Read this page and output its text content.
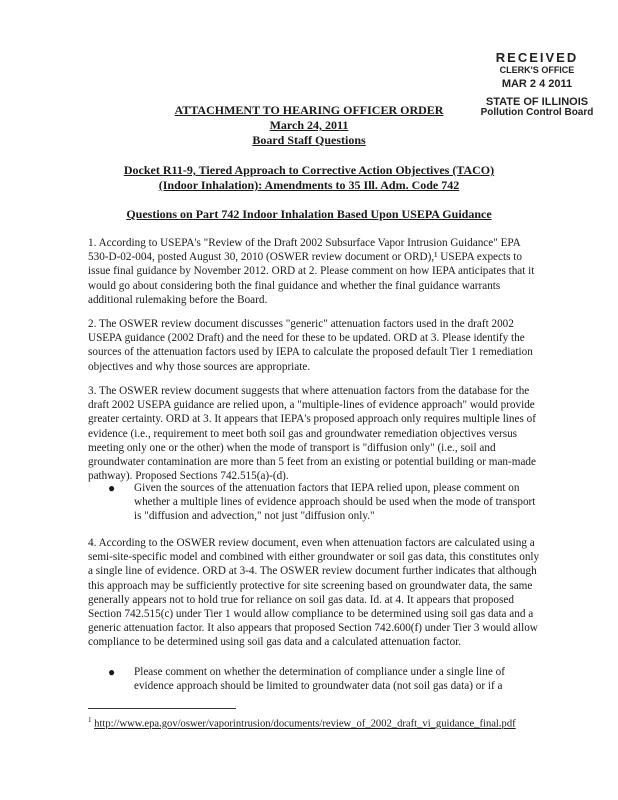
RECEIVED
CLERK'S OFFICE
MAR 2 4 2011
STATE OF ILLINOIS
Pollution Control Board
ATTACHMENT TO HEARING OFFICER ORDER
March 24, 2011
Board Staff Questions
Docket R11-9, Tiered Approach to Corrective Action Objectives (TACO)
(Indoor Inhalation): Amendments to 35 Ill. Adm. Code 742
Questions on Part 742 Indoor Inhalation Based Upon USEPA Guidance
1. According to USEPA's "Review of the Draft 2002 Subsurface Vapor Intrusion Guidance" EPA 530-D-02-004, posted August 30, 2010 (OSWER review document or ORD),¹ USEPA expects to issue final guidance by November 2012. ORD at 2. Please comment on how IEPA anticipates that it would go about considering both the final guidance and whether the final guidance warrants additional rulemaking before the Board.
2. The OSWER review document discusses "generic" attenuation factors used in the draft 2002 USEPA guidance (2002 Draft) and the need for these to be updated. ORD at 3. Please identify the sources of the attenuation factors used by IEPA to calculate the proposed default Tier 1 remediation objectives and why those sources are appropriate.
3. The OSWER review document suggests that where attenuation factors from the database for the draft 2002 USEPA guidance are relied upon, a "multiple-lines of evidence approach" would provide greater certainty. ORD at 3. It appears that IEPA's proposed approach only requires multiple lines of evidence (i.e., requirement to meet both soil gas and groundwater remediation objectives versus meeting only one or the other) when the mode of transport is "diffusion only" (i.e., soil and groundwater contamination are more than 5 feet from an existing or potential building or man-made pathway). Proposed Sections 742.515(a)-(d).
● Given the sources of the attenuation factors that IEPA relied upon, please comment on whether a multiple lines of evidence approach should be used when the mode of transport is "diffusion and advection," not just "diffusion only."
4. According to the OSWER review document, even when attenuation factors are calculated using a semi-site-specific model and combined with either groundwater or soil gas data, this constitutes only a single line of evidence. ORD at 3-4. The OSWER review document further indicates that although this approach may be sufficiently protective for site screening based on groundwater data, the same generally appears not to hold true for reliance on soil gas data. Id. at 4. It appears that proposed Section 742.515(c) under Tier 1 would allow compliance to be determined using soil gas data and a generic attenuation factor. It also appears that proposed Section 742.600(f) under Tier 3 would allow compliance to be determined using soil gas data and a calculated attenuation factor.
● Please comment on whether the determination of compliance under a single line of evidence approach should be limited to groundwater data (not soil gas data) or if a
$^1$ http://www.epa.gov/oswer/vaporintrusion/documents/review_of_2002_draft_vi_guidance_final.pdf
